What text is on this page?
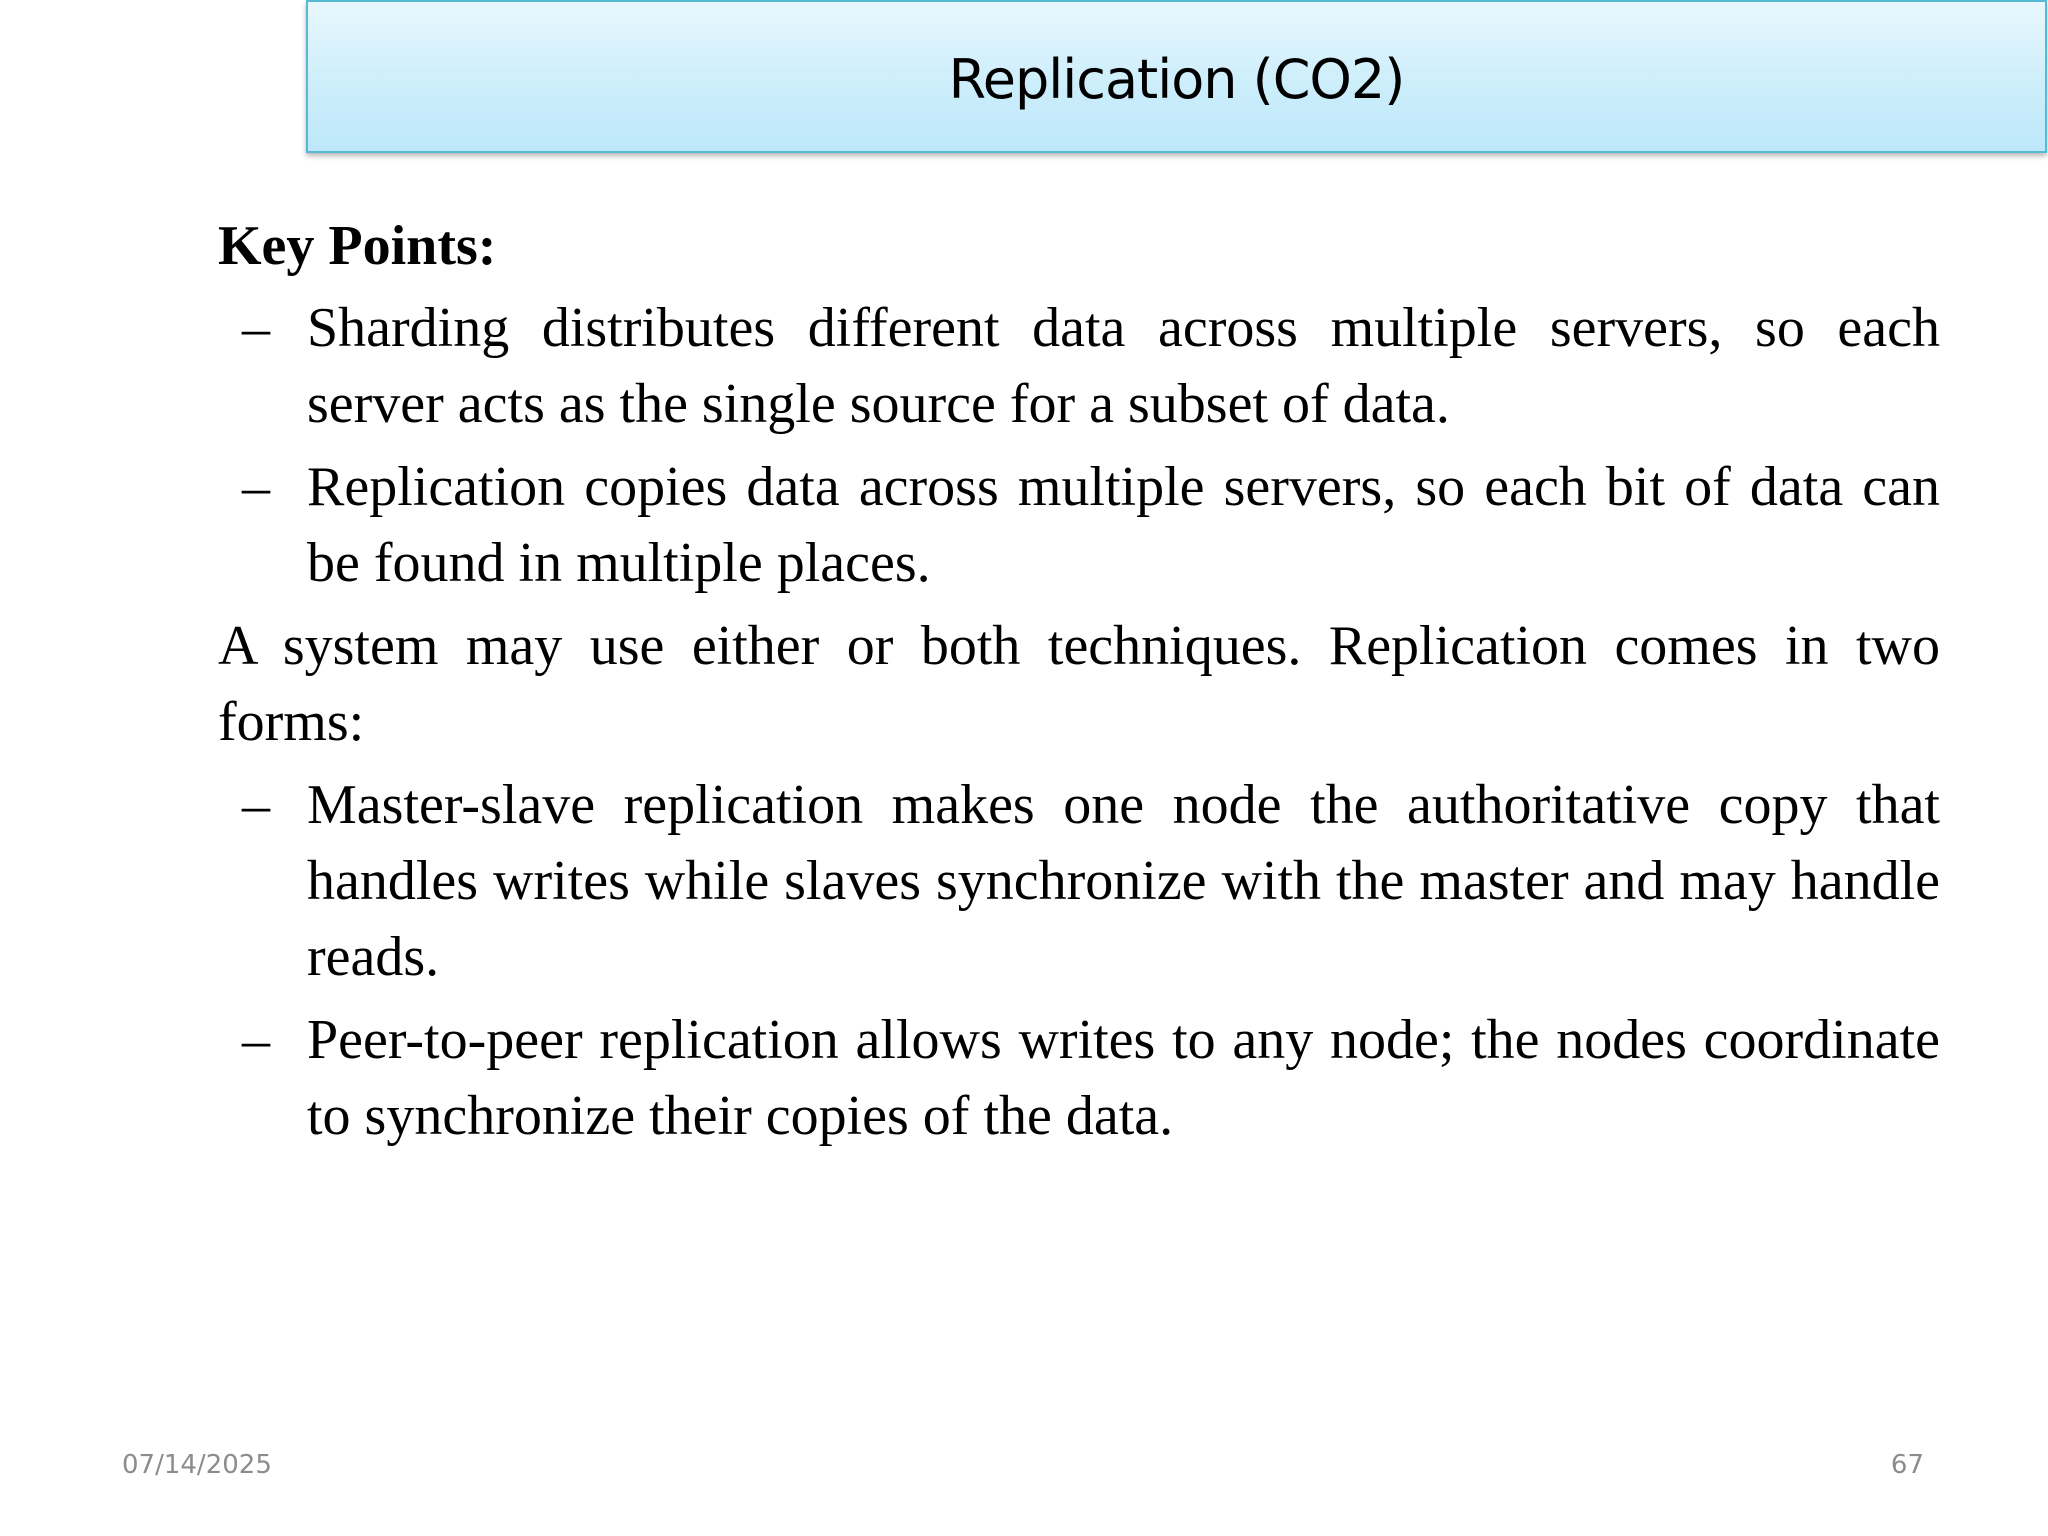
Replication (CO2)
Key Points:
– Sharding distributes different data across multiple servers, so each server acts as the single source for a subset of data.
– Replication copies data across multiple servers, so each bit of data can be found in multiple places.
A system may use either or both techniques. Replication comes in two forms:
– Master-slave replication makes one node the authoritative copy that handles writes while slaves synchronize with the master and may handle reads.
– Peer-to-peer replication allows writes to any node; the nodes coordinate to synchronize their copies of the data.
07/14/2025	67
